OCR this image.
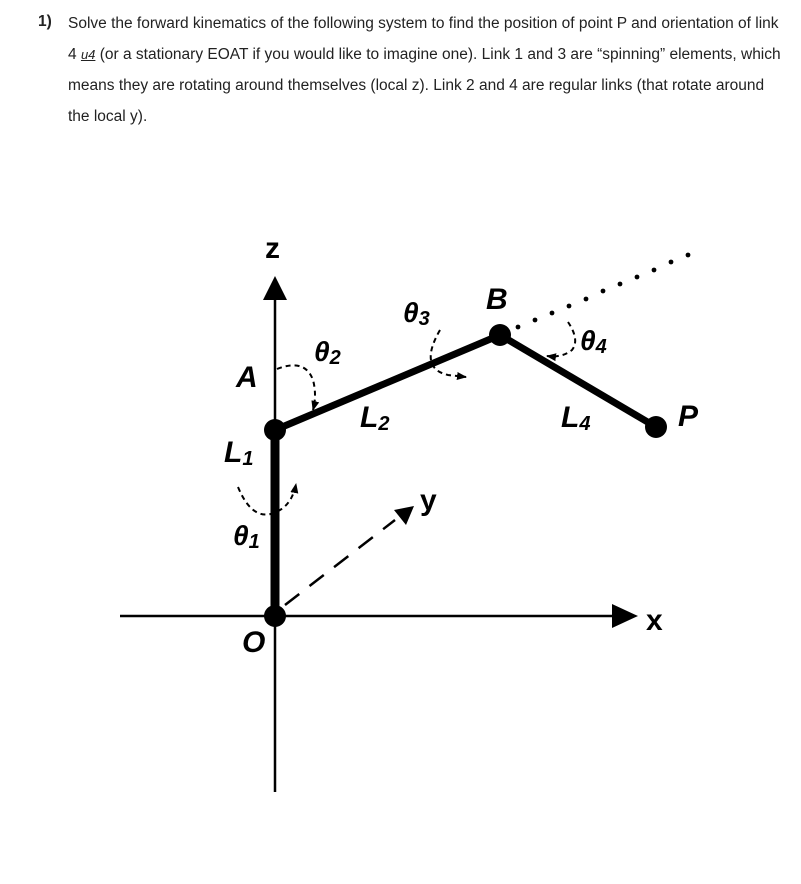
1) Solve the forward kinematics of the following system to find the position of point P and orientation of link 4 u4 (or a stationary EOAT if you would like to imagine one). Link 1 and 3 are “spinning” elements, which means they are rotating around themselves (local z). Link 2 and 4 are regular links (that rotate around the local y).
z
x
y
O
A
B
P
L1
L2	L4
θ1
θ2
θ3
θ4
